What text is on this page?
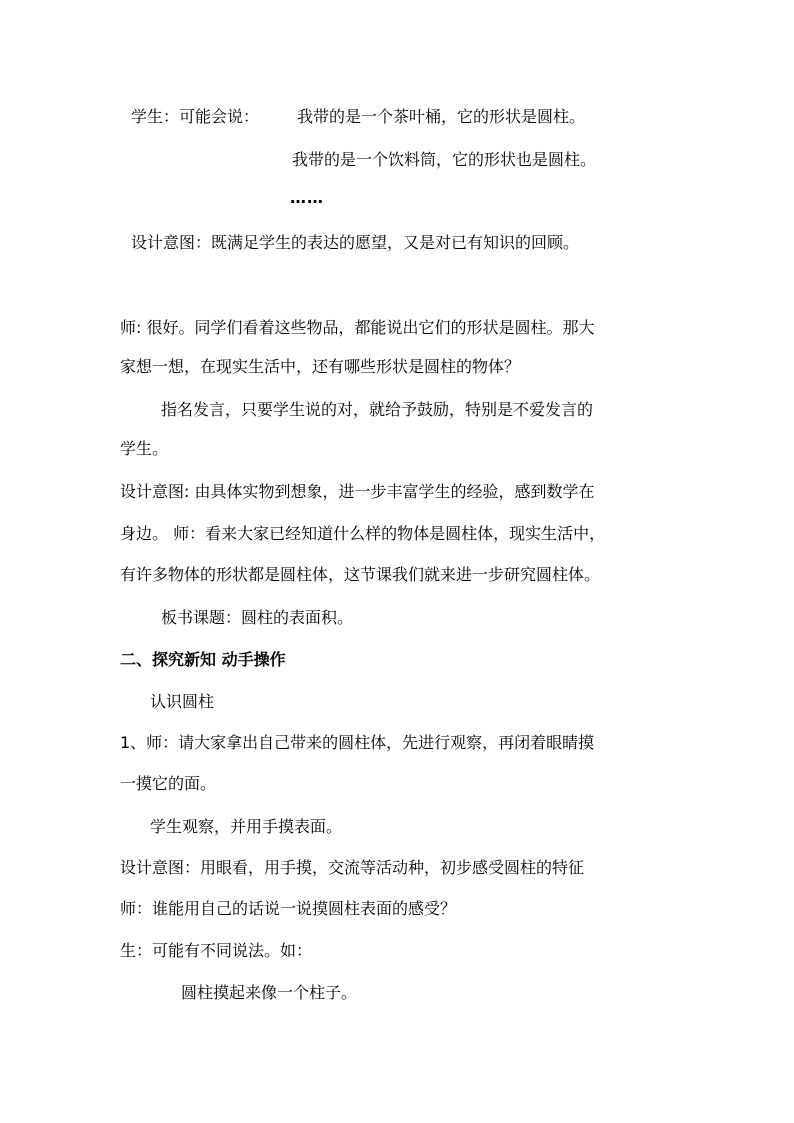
学生：可能会说： 我带的是一个茶叶桶，它的形状是圆柱。
我带的是一个饮料筒，它的形状也是圆柱。
……
设计意图：既满足学生的表达的愿望，又是对已有知识的回顾。
师: 很好。同学们看着这些物品，都能说出它们的形状是圆柱。那大
家想一想，在现实生活中，还有哪些形状是圆柱的物体？
指名发言，只要学生说的对，就给予鼓励，特别是不爱发言的
学生。
设计意图: 由具体实物到想象，进一步丰富学生的经验，感到数学在
身边。 师：看来大家已经知道什么样的物体是圆柱体，现实生活中，
有许多物体的形状都是圆柱体，这节课我们就来进一步研究圆柱体。
板书课题：圆柱的表面积。
二、探究新知 动手操作
认识圆柱
1、师：请大家拿出自己带来的圆柱体，先进行观察，再闭着眼睛摸
一摸它的面。
学生观察，并用手摸表面。
设计意图：用眼看，用手摸，交流等活动种，初步感受圆柱的特征
师：谁能用自己的话说一说摸圆柱表面的感受？
生：可能有不同说法。如：
圆柱摸起来像一个柱子。
